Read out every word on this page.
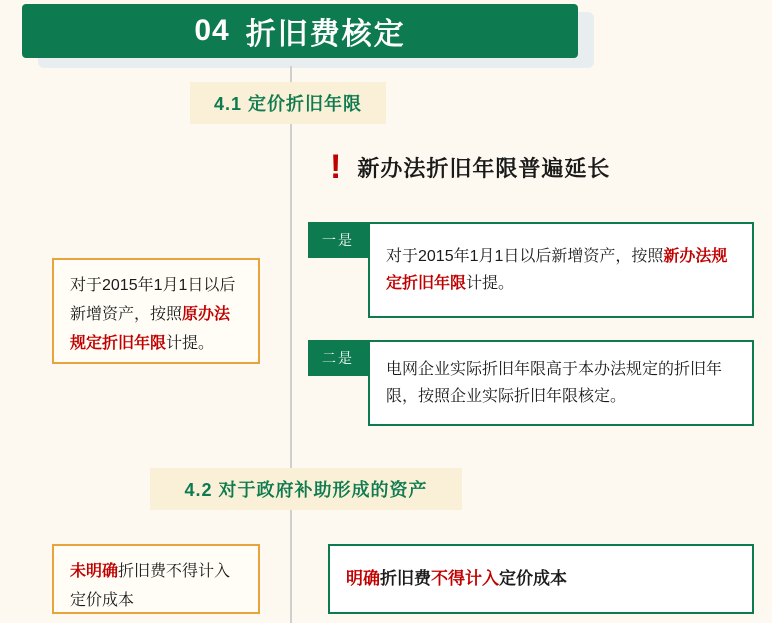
04 折旧费核定
4.1 定价折旧年限
! 新办法折旧年限普遍延长
一是
对于2015年1月1日以后新增资产，按照新办法规定折旧年限计提。
二是
电网企业实际折旧年限高于本办法规定的折旧年限，按照企业实际折旧年限核定。
对于2015年1月1日以后新增资产，按照原办法规定折旧年限计提。
4.2 对于政府补助形成的资产
未明确折旧费不得计入定价成本
明确折旧费不得计入定价成本
